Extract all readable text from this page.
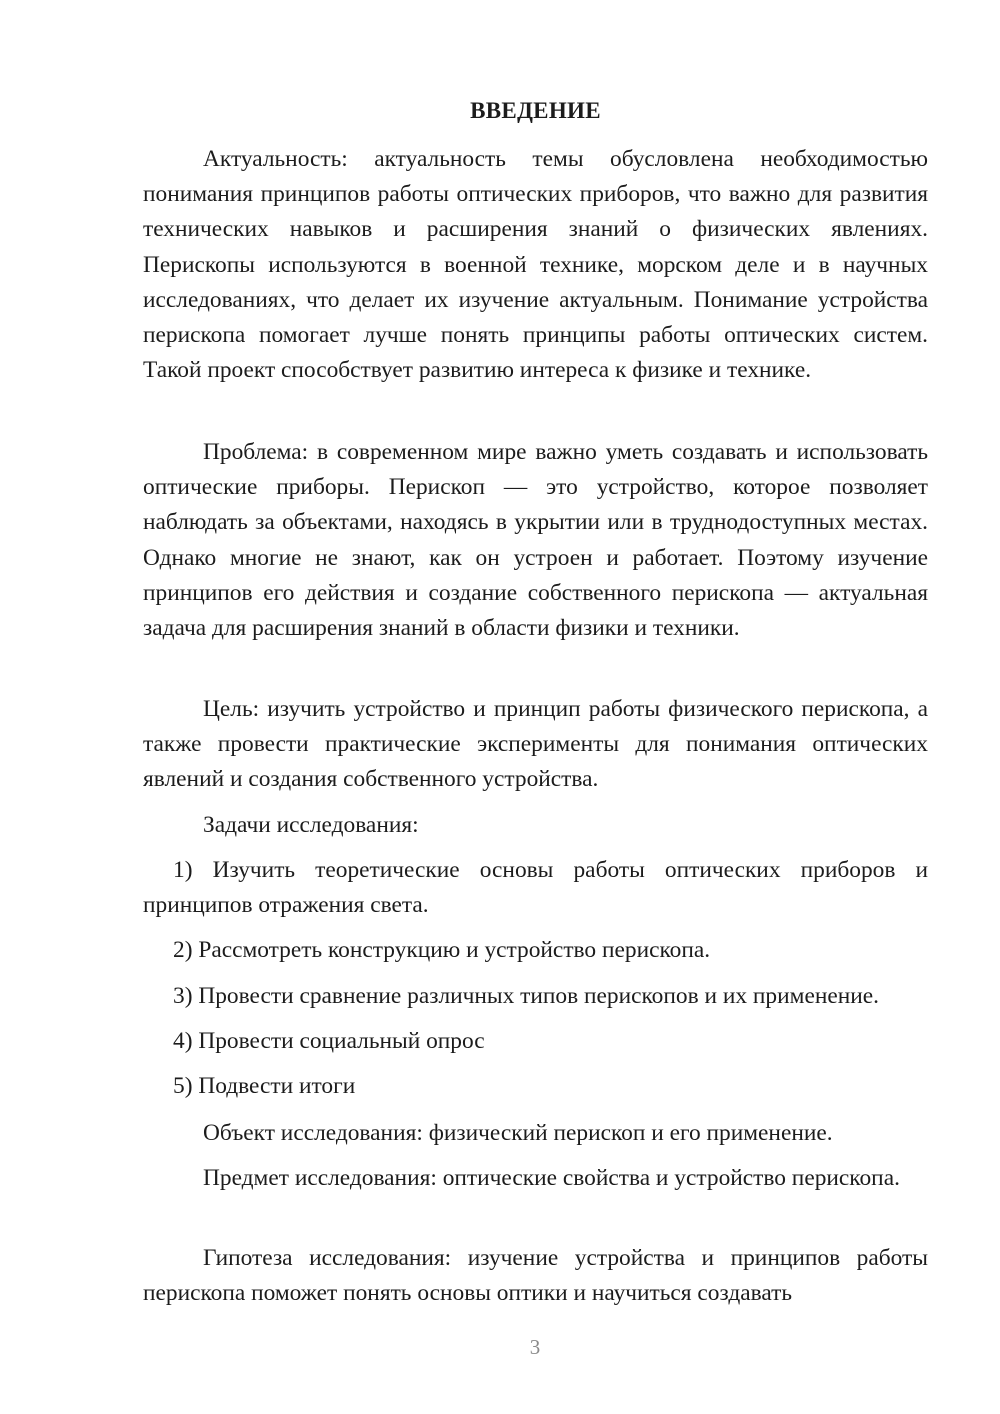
ВВЕДЕНИЕ

Актуальность: актуальность темы обусловлена необходимостью понимания принципов работы оптических приборов, что важно для развития технических навыков и расширения знаний о физических явлениях. Перископы используются в военной технике, морском деле и в научных исследованиях, что делает их изучение актуальным. Понимание устройства перископа помогает лучше понять принципы работы оптических систем. Такой проект способствует развитию интереса к физике и технике.

Проблема: в современном мире важно уметь создавать и использовать оптические приборы. Перископ — это устройство, которое позволяет наблюдать за объектами, находясь в укрытии или в труднодоступных местах. Однако многие не знают, как он устроен и работает. Поэтому изучение принципов его действия и создание собственного перископа — актуальная задача для расширения знаний в области физики и техники.

Цель: изучить устройство и принцип работы физического перископа, а также провести практические эксперименты для понимания оптических явлений и создания собственного устройства.

Задачи исследования:

1) Изучить теоретические основы работы оптических приборов и принципов отражения света.

2) Рассмотреть конструкцию и устройство перископа.

3) Провести сравнение различных типов перископов и их применение.

4) Провести социальный опрос

5) Подвести итоги

Объект исследования: физический перископ и его применение.

Предмет исследования: оптические свойства и устройство перископа.

Гипотеза исследования: изучение устройства и принципов работы перископа поможет понять основы оптики и научиться создавать

3
